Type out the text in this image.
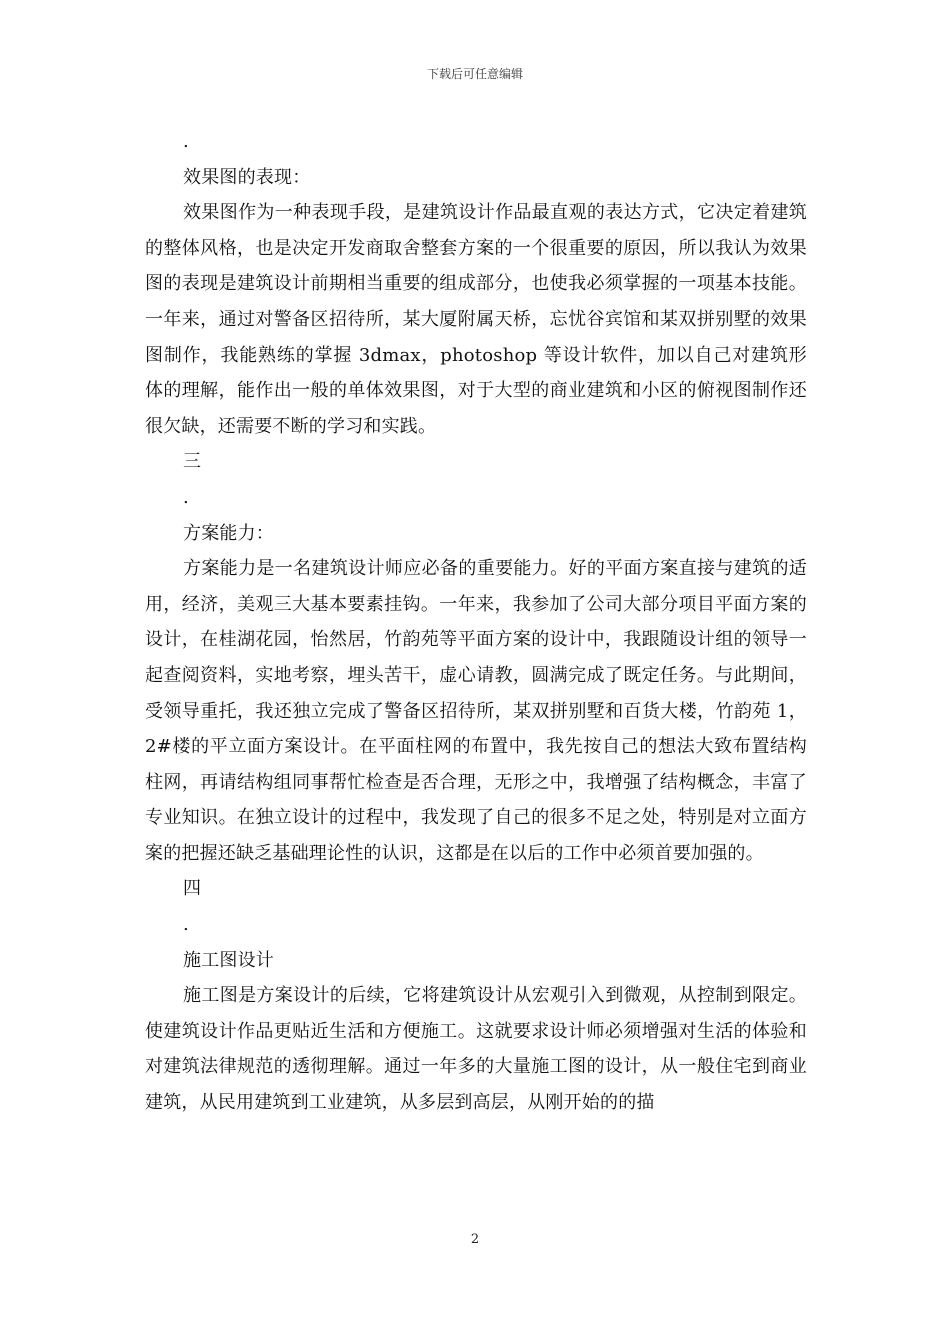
下载后可任意编辑

.

效果图的表现：

效果图作为一种表现手段，是建筑设计作品最直观的表达方式，它决定着建筑的整体风格，也是决定开发商取舍整套方案的一个很重要的原因，所以我认为效果图的表现是建筑设计前期相当重要的组成部分，也使我必须掌握的一项基本技能。一年来，通过对警备区招待所，某大厦附属天桥，忘忧谷宾馆和某双拼别墅的效果图制作，我能熟练的掌握 3dmax，photoshop 等设计软件，加以自己对建筑形体的理解，能作出一般的单体效果图，对于大型的商业建筑和小区的俯视图制作还很欠缺，还需要不断的学习和实践。

三

.

方案能力：

方案能力是一名建筑设计师应必备的重要能力。好的平面方案直接与建筑的适用，经济，美观三大基本要素挂钩。一年来，我参加了公司大部分项目平面方案的设计，在桂湖花园，怡然居，竹韵苑等平面方案的设计中，我跟随设计组的领导一起查阅资料，实地考察，埋头苦干，虚心请教，圆满完成了既定任务。与此期间，受领导重托，我还独立完成了警备区招待所，某双拼别墅和百货大楼，竹韵苑 1，2#楼的平立面方案设计。在平面柱网的布置中，我先按自己的想法大致布置结构柱网，再请结构组同事帮忙检查是否合理，无形之中，我增强了结构概念，丰富了专业知识。在独立设计的过程中，我发现了自己的很多不足之处，特别是对立面方案的把握还缺乏基础理论性的认识，这都是在以后的工作中必须首要加强的。

四

.

施工图设计

施工图是方案设计的后续，它将建筑设计从宏观引入到微观，从控制到限定。使建筑设计作品更贴近生活和方便施工。这就要求设计师必须增强对生活的体验和对建筑法律规范的透彻理解。通过一年多的大量施工图的设计，从一般住宅到商业建筑，从民用建筑到工业建筑，从多层到高层，从刚开始的的描

2
